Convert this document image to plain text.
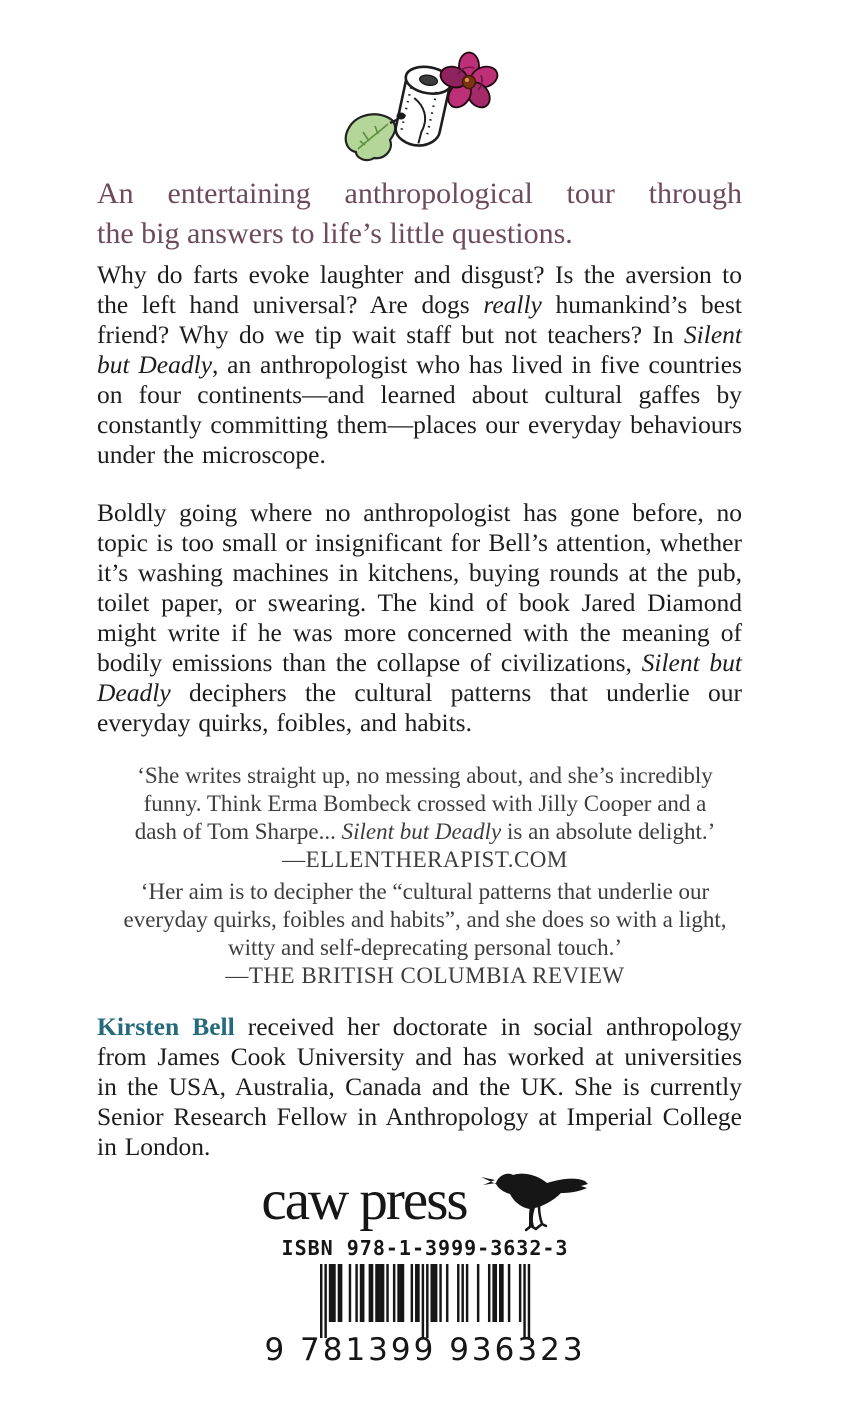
An entertaining anthropological tour through
the big answers to life’s little questions.

Why do farts evoke laughter and disgust? Is the aversion to the left hand universal? Are dogs really humankind’s best friend? Why do we tip wait staff but not teachers? In Silent but Deadly, an anthropologist who has lived in five countries on four continents—and learned about cultural gaffes by constantly committing them—places our everyday behaviours under the microscope.

Boldly going where no anthropologist has gone before, no topic is too small or insignificant for Bell’s attention, whether it’s washing machines in kitchens, buying rounds at the pub, toilet paper, or swearing. The kind of book Jared Diamond might write if he was more concerned with the meaning of bodily emissions than the collapse of civilizations, Silent but Deadly deciphers the cultural patterns that underlie our everyday quirks, foibles, and habits.

‘She writes straight up, no messing about, and she’s incredibly
funny. Think Erma Bombeck crossed with Jilly Cooper and a
dash of Tom Sharpe... Silent but Deadly is an absolute delight.’
—ELLENTHERAPIST.COM
‘Her aim is to decipher the “cultural patterns that underlie our
everyday quirks, foibles and habits”, and she does so with a light,
witty and self-deprecating personal touch.’
—THE BRITISH COLUMBIA REVIEW

Kirsten Bell received her doctorate in social anthropology from James Cook University and has worked at universities in the USA, Australia, Canada and the UK. She is currently Senior Research Fellow in Anthropology at Imperial College in London.

caw press
ISBN 978-1-3999-3632-3
9 781399 936323
